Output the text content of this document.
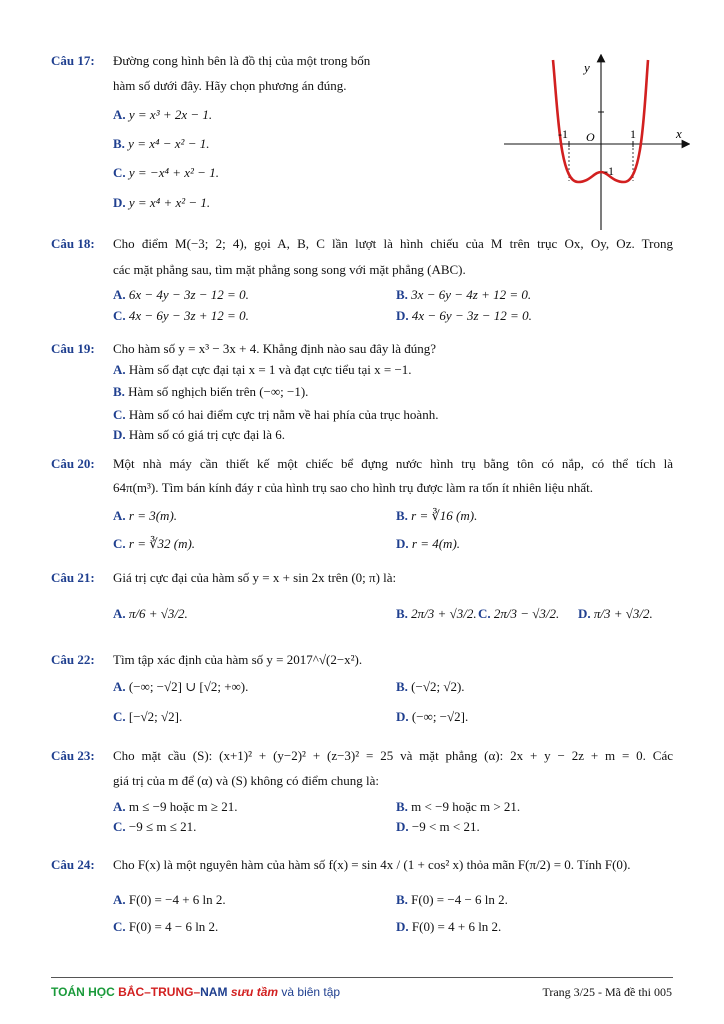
Câu 17: Đường cong hình bên là đồ thị của một trong bốn
hàm số dưới đây. Hãy chọn phương án đúng.
A. y = x³ + 2x − 1.
B. y = x⁴ − x² − 1.
C. y = −x⁴ + x² − 1.
D. y = x⁴ + x² − 1.
y
x
O
-1	1
-1
Câu 18: Cho điểm M(−3; 2; 4), gọi A, B, C lần lượt là hình chiếu của M trên trục Ox, Oy, Oz. Trong
các mặt phẳng sau, tìm mặt phẳng song song với mặt phẳng (ABC).
A. 6x − 4y − 3z − 12 = 0.	B. 3x − 6y − 4z + 12 = 0.
C. 4x − 6y − 3z + 12 = 0.	D. 4x − 6y − 3z − 12 = 0.
Câu 19: Cho hàm số y = x³ − 3x + 4. Khẳng định nào sau đây là đúng?
A. Hàm số đạt cực đại tại x = 1 và đạt cực tiểu tại x = −1.
B. Hàm số nghịch biến trên (−∞; −1).
C. Hàm số có hai điểm cực trị nằm về hai phía của trục hoành.
D. Hàm số có giá trị cực đại là 6.
Câu 20: Một nhà máy cần thiết kế một chiếc bể đựng nước hình trụ bằng tôn có nắp, có thể tích là
64π(m³). Tìm bán kính đáy r của hình trụ sao cho hình trụ được làm ra tốn ít nhiên liệu nhất.
A. r = 3(m).	B. r = ∛16 (m).
C. r = ∛32 (m).	D. r = 4(m).
Câu 21: Giá trị cực đại của hàm số y = x + sin 2x trên (0; π) là:
A. π/6 + √3/2.	B. 2π/3 + √3/2. C. 2π/3 − √3/2. D. π/3 + √3/2.
Câu 22: Tìm tập xác định của hàm số y = 2017^√(2−x²).
A. (−∞; −√2] ∪ [√2; +∞).	B. (−√2; √2).
C. [−√2; √2].	D. (−∞; −√2].
Câu 23: Cho mặt cầu (S): (x+1)² + (y−2)² + (z−3)² = 25 và mặt phẳng (α): 2x + y − 2z + m = 0. Các
giá trị của m để (α) và (S) không có điểm chung là:
A. m ≤ −9 hoặc m ≥ 21.	B. m < −9 hoặc m > 21.
C. −9 ≤ m ≤ 21.	D. −9 < m < 21.
Câu 24: Cho F(x) là một nguyên hàm của hàm số f(x) = sin 4x / (1 + cos² x) thỏa mãn F(π/2) = 0. Tính F(0).
A. F(0) = −4 + 6 ln 2.	B. F(0) = −4 − 6 ln 2.
C. F(0) = 4 − 6 ln 2.	D. F(0) = 4 + 6 ln 2.
TOÁN HỌC BẮC–TRUNG–NAM sưu tầm và biên tập	Trang 3/25 - Mã đề thi 005
